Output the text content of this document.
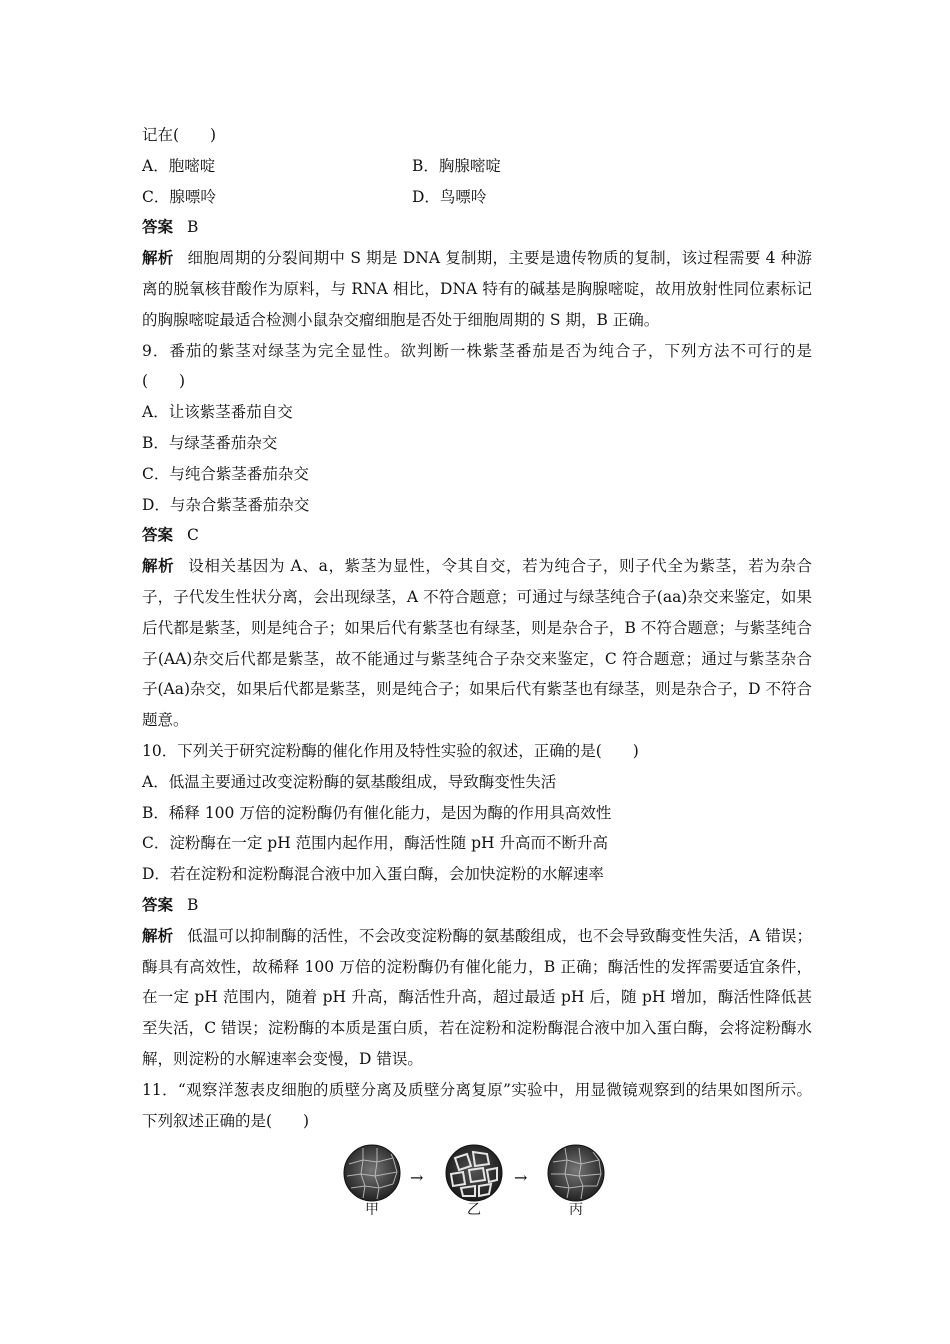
记在(　　)
A．胞嘧啶	B．胸腺嘧啶
C．腺嘌呤	D．鸟嘌呤
答案 B
解析 细胞周期的分裂间期中 S 期是 DNA 复制期，主要是遗传物质的复制，该过程需要 4 种游离的脱氧核苷酸作为原料，与 RNA 相比，DNA 特有的碱基是胸腺嘧啶，故用放射性同位素标记的胸腺嘧啶最适合检测小鼠杂交瘤细胞是否处于细胞周期的 S 期，B 正确。
9．番茄的紫茎对绿茎为完全显性。欲判断一株紫茎番茄是否为纯合子，下列方法不可行的是(　　)
A．让该紫茎番茄自交
B．与绿茎番茄杂交
C．与纯合紫茎番茄杂交
D．与杂合紫茎番茄杂交
答案 C
解析 设相关基因为 A、a，紫茎为显性，令其自交，若为纯合子，则子代全为紫茎，若为杂合子，子代发生性状分离，会出现绿茎，A 不符合题意；可通过与绿茎纯合子(aa)杂交来鉴定，如果后代都是紫茎，则是纯合子；如果后代有紫茎也有绿茎，则是杂合子，B 不符合题意；与紫茎纯合子(AA)杂交后代都是紫茎，故不能通过与紫茎纯合子杂交来鉴定，C 符合题意；通过与紫茎杂合子(Aa)杂交，如果后代都是紫茎，则是纯合子；如果后代有紫茎也有绿茎，则是杂合子，D 不符合题意。
10．下列关于研究淀粉酶的催化作用及特性实验的叙述，正确的是(　　)
A．低温主要通过改变淀粉酶的氨基酸组成，导致酶变性失活
B．稀释 100 万倍的淀粉酶仍有催化能力，是因为酶的作用具高效性
C．淀粉酶在一定 pH 范围内起作用，酶活性随 pH 升高而不断升高
D．若在淀粉和淀粉酶混合液中加入蛋白酶，会加快淀粉的水解速率
答案 B
解析 低温可以抑制酶的活性，不会改变淀粉酶的氨基酸组成，也不会导致酶变性失活，A 错误；酶具有高效性，故稀释 100 万倍的淀粉酶仍有催化能力，B 正确；酶活性的发挥需要适宜条件，在一定 pH 范围内，随着 pH 升高，酶活性升高，超过最适 pH 后，随 pH 增加，酶活性降低甚至失活，C 错误；淀粉酶的本质是蛋白质，若在淀粉和淀粉酶混合液中加入蛋白酶，会将淀粉酶水解，则淀粉的水解速率会变慢，D 错误。
11．“观察洋葱表皮细胞的质壁分离及质壁分离复原”实验中，用显微镜观察到的结果如图所示。下列叙述正确的是(　　)
甲
→
乙
→
丙
